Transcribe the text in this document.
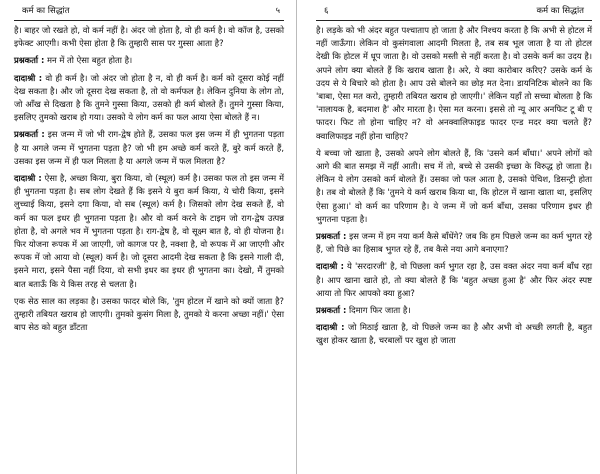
कर्म का सिद्धांत	५

है। बाहर जो रखते हो, वो कर्म नहीं है। अंदर जो होता है, वो ही कर्म है। वो कॉज है, उसको इफेक्ट आएगी। कभी ऐसा होता है कि तुम्हारी सास पर गुस्सा आता है?

प्रश्नकर्ता : मन में तो ऐसा बहुत होता है।

दादाश्री : वो ही कर्म है। जो अंदर जो होता है न, वो ही कर्म है। कर्म को दूसरा कोई नहीं देख सकता है। और जो दूसरा देख सकता है, तो वो कर्मफल है। लेकिन दुनिया के लोग तो, जो आँख से दिखता है कि तुमने गुस्सा किया, उसको ही कर्म बोलते हैं। तुमने गुस्सा किया, इसलिए तुमको खराब हो गया। उसको ये लोग कर्म का फल आया ऐसा बोलते हैं न।

प्रश्नकर्ता : इस जन्म में जो भी राग-द्वेष होते हैं, उसका फल इस जन्म में ही भुगतना पड़ता है या अगले जन्म में भुगतना पड़ता है? जो भी हम अच्छे कर्म करते हैं, बुरे कर्म करते हैं, उसका इस जन्म में ही फल मिलता है या अगले जन्म में फल मिलता है?

दादाश्री : ऐसा है, अच्छा किया, बुरा किया, वो (स्थूल) कर्म है। उसका फल तो इस जन्म में ही भुगतना पड़ता है। सब लोग देखते हैं कि इसने ये बुरा कर्म किया, ये चोरी किया, इसने लुच्चाई किया, इसने दगा किया, वो सब (स्थूल) कर्म है। जिसको लोग देख सकते हैं, वो कर्म का फल इधर ही भुगतना पड़ता है। और वो कर्म करने के टाइम जो राग-द्वेष उत्पन्न होता है, वो अगले भव में भुगतना पड़ता है। राग-द्वेष है, वो सूक्ष्म बात है, वो ही योजना है। फिर योजना रूपक में आ जाएगी, जो कागज पर है, नक्शा है, वो रूपक में आ जाएगी और रूपक में जो आया वो (स्थूल) कर्म है। जो दूसरा आदमी देख सकता है कि इसने गाली दी, इसने मारा, इसने पैसा नहीं दिया, वो सभी इधर का इधर ही भुगतना का। देखो, मैं तुमको बात बताऊँ कि ये किस तरह से चलता है।

एक सेठ साल का लड़का है। उसका फादर बोले कि, 'तुम होटल में खाने को क्यों जाता है? तुम्हारी तबियत खराब हो जाएगी। तुमको कुसंग मिला है, तुमको ये करना अच्छा नहीं।' ऐसा बाप सेठ को बहुत डाँटता

६	कर्म का सिद्धांत

है। लड़के को भी अंदर बहुत पश्चाताप हो जाता है और निश्चय करता है कि अभी से होटल में नहीं जाऊँगा। लेकिन वो कुसंगवाला आदमी मिलता है, तब सब भूल जाता है या तो होटल देखी कि होटल में धूप जाता है। वो उसको मस्ती से नहीं करता है। वो उसके कर्म का उदय है। अपने लोग क्या बोलते हैं कि खराब खाता है। अरे, ये क्या कारोबार करिए? उसके कर्म के उदय से ये बिचारे को होता है। आप उसे बोलने का छोड़ मत देना। डायनिटिक बोलने का कि 'बाबा, ऐसा मत करो, तुम्हारी तबियत खराब हो जाएगी।' लेकिन यहाँ तो सच्चा बोलता है कि 'नालायक है, बदमाश है' और मारता है। ऐसा मत करना। इससे तो न्यू आर अनफिट टू बी ए फादर। फिट तो होना चाहिए न? वो अनक्वालिफाइड फादर एन्ड मदर क्या चलते हैं? क्वालिफाइड नहीं होना चाहिए?

ये बच्चा जो खाता है, उसको अपने लोग बोलते हैं, कि 'उसने कर्म बाँधा।' अपने लोगों को आगे की बात समझ में नहीं आती। सच में तो, बच्चे से उसकी इच्छा के विरुद्ध हो जाता है। लेकिन ये लोग उसको कर्म बोलते हैं। उसका जो फल आता है, उसको पेचिश, डिसन्ट्री होता है। तब वो बोलते हैं कि 'तुमने ये कर्म खराब किया था, कि होटल में खाना खाता था, इसलिए ऐसा हुआ।' वो कर्म का परिणाम है। ये जन्म में जो कर्म बाँधा, उसका परिणाम इधर ही भुगतना पड़ता है।

प्रश्नकर्ता : इस जन्म में हम नया कर्म कैसे बाँधेंगे? जब कि हम पिछले जन्म का कर्म भुगत रहे हैं, जो पिछे का हिसाब भुगत रहे हैं, तब कैसे नया आगे बनाएगा?

दादाश्री : ये 'सरदारजी' है, वो पिछला कर्म भुगत रहा है, उस वक्त अंदर नया कर्म बाँध रहा है। आप खाना खाते हो, तो क्या बोलते हैं कि 'बहुत अच्छा हुआ है' और फिर अंदर स्पष्ट आया तो फिर आपको क्या हुआ?

प्रश्नकर्ता : दिमाग फिर जाता है।

दादाश्री : जो मिठाई खाता है, वो पिछले जन्म का है और अभी वो अच्छी लगती है, बहुत खुश होकर खाता है, चरबालों पर खुश हो जाता
